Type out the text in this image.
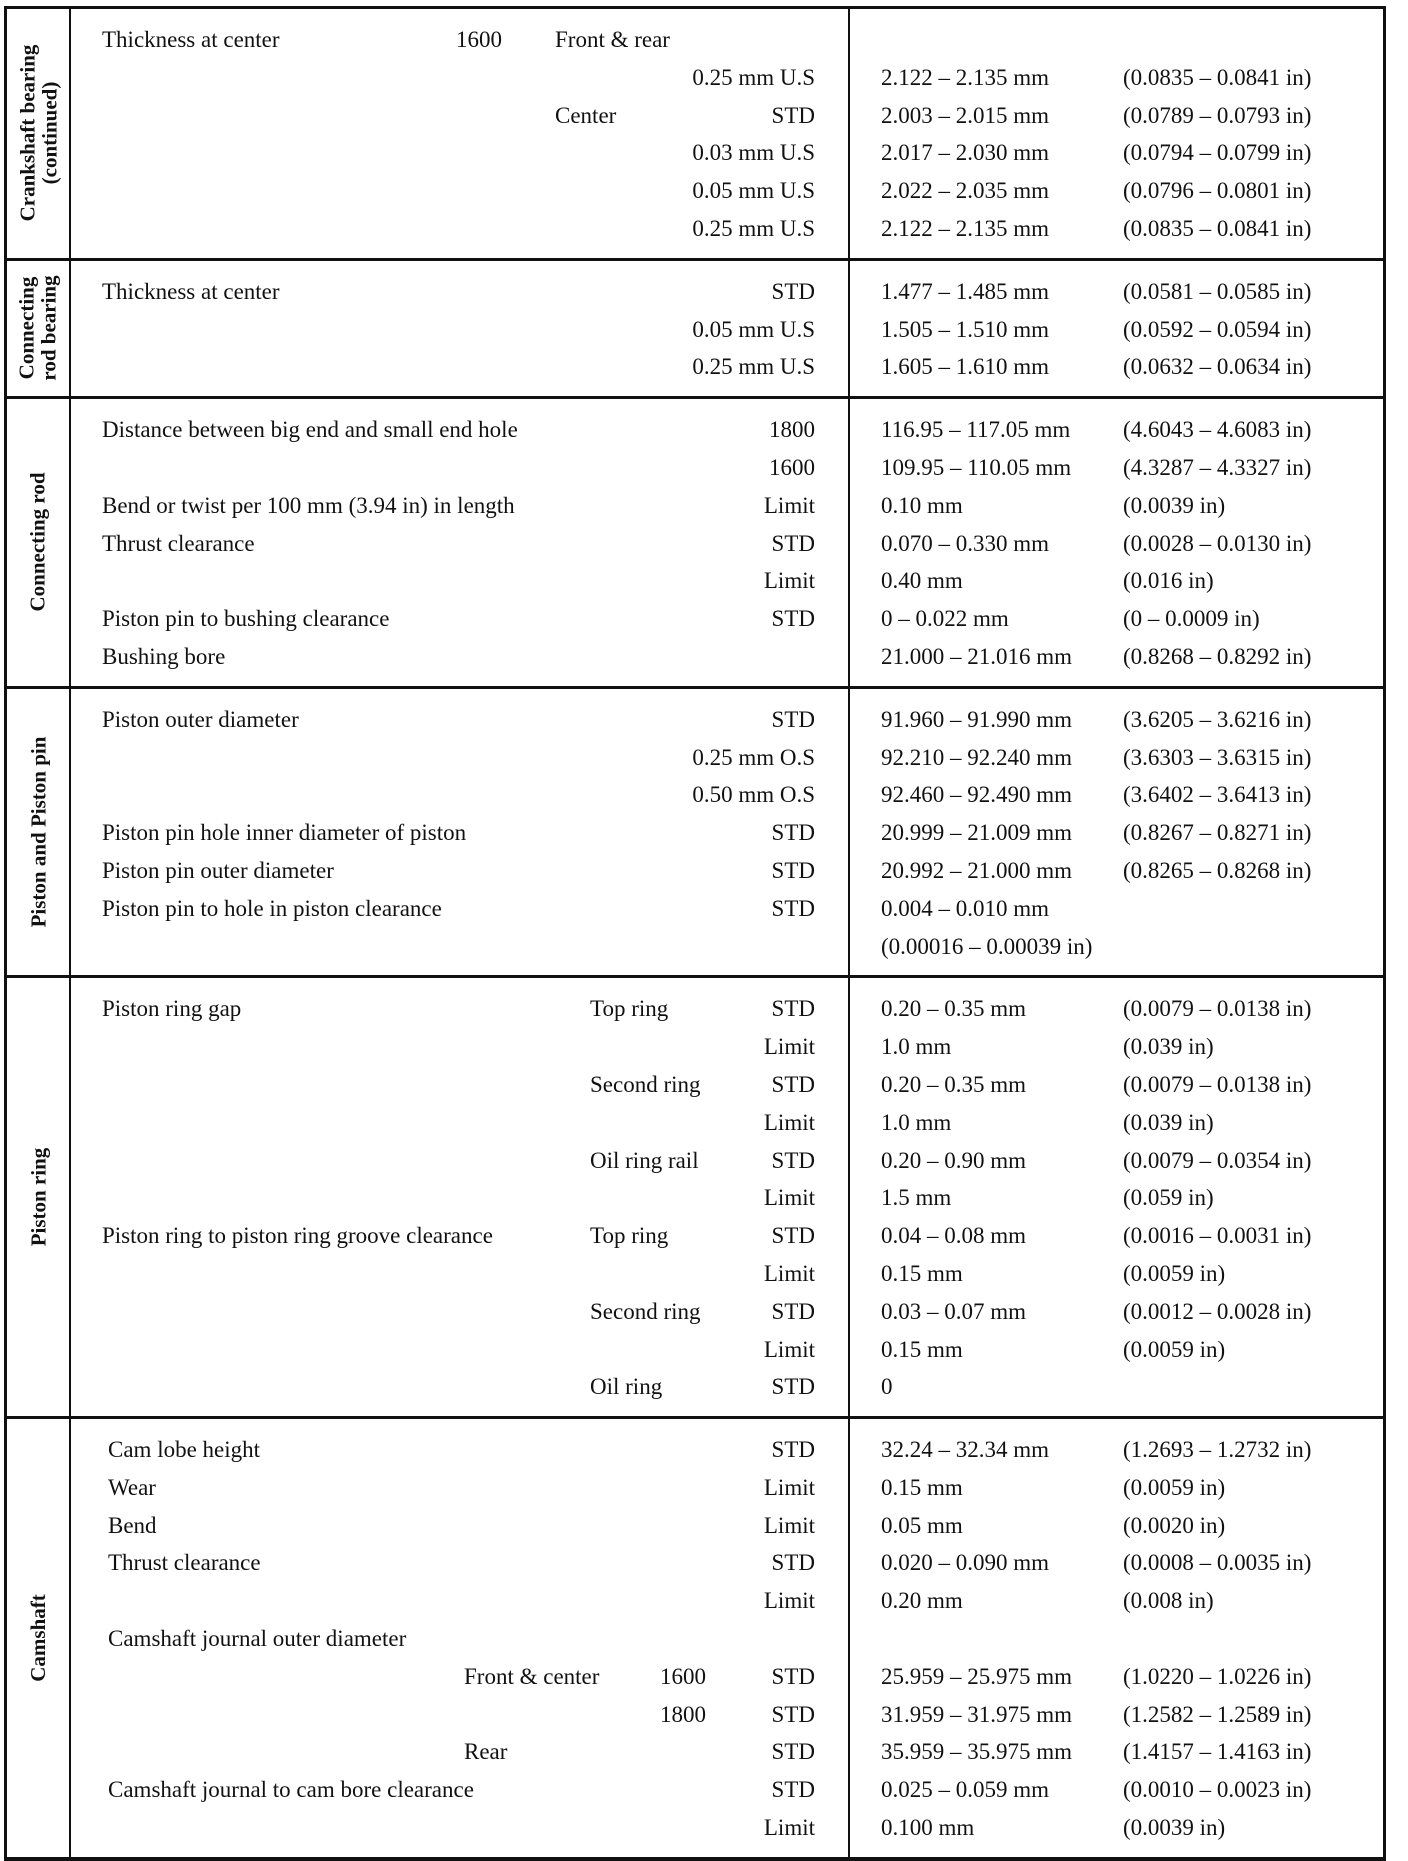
Crankshaft bearing
(continued)
Thickness at center	1600 Front & rear
0.25 mm U.S	2.122 – 2.135 mm	(0.0835 – 0.0841 in)
Center	STD	2.003 – 2.015 mm	(0.0789 – 0.0793 in)
0.03 mm U.S	2.017 – 2.030 mm	(0.0794 – 0.0799 in)
0.05 mm U.S	2.022 – 2.035 mm	(0.0796 – 0.0801 in)
0.25 mm U.S	2.122 – 2.135 mm	(0.0835 – 0.0841 in)
Connecting
rod bearing Thickness at center	STD	1.477 – 1.485 mm	(0.0581 – 0.0585 in)
0.05 mm U.S	1.505 – 1.510 mm	(0.0592 – 0.0594 in)
0.25 mm U.S	1.605 – 1.610 mm	(0.0632 – 0.0634 in)
Connecting rod
Distance between big end and small end hole	1800	116.95 – 117.05 mm (4.6043 – 4.6083 in)
1600	109.95 – 110.05 mm (4.3287 – 4.3327 in)
Bend or twist per 100 mm (3.94 in) in length	Limit	0.10 mm	(0.0039 in)
Thrust clearance	STD	0.070 – 0.330 mm	(0.0028 – 0.0130 in)
Limit	0.40 mm	(0.016 in)
Piston pin to bushing clearance	STD	0 – 0.022 mm	(0 – 0.0009 in)
Bushing bore	21.000 – 21.016 mm (0.8268 – 0.8292 in)
Piston and Piston pin
Piston outer diameter	STD	91.960 – 91.990 mm (3.6205 – 3.6216 in)
0.25 mm O.S	92.210 – 92.240 mm (3.6303 – 3.6315 in)
0.50 mm O.S	92.460 – 92.490 mm (3.6402 – 3.6413 in)
Piston pin hole inner diameter of piston	STD	20.999 – 21.009 mm (0.8267 – 0.8271 in)
Piston pin outer diameter	STD	20.992 – 21.000 mm (0.8265 – 0.8268 in)
Piston pin to hole in piston clearance	STD	0.004 – 0.010 mm
(0.00016 – 0.00039 in)
Piston ring
Piston ring gap	Top ring	STD	0.20 – 0.35 mm	(0.0079 – 0.0138 in)
Limit	1.0 mm	(0.039 in)
Second ring	STD	0.20 – 0.35 mm	(0.0079 – 0.0138 in)
Limit	1.0 mm	(0.039 in)
Oil ring rail	STD	0.20 – 0.90 mm	(0.0079 – 0.0354 in)
Limit	1.5 mm	(0.059 in)
Piston ring to piston ring groove clearance	Top ring	STD	0.04 – 0.08 mm	(0.0016 – 0.0031 in)
Limit	0.15 mm	(0.0059 in)
Second ring	STD	0.03 – 0.07 mm	(0.0012 – 0.0028 in)
Limit	0.15 mm	(0.0059 in)
Oil ring	STD	0
Camshaft
Cam lobe height	STD	32.24 – 32.34 mm	(1.2693 – 1.2732 in)
Wear	Limit	0.15 mm	(0.0059 in)
Bend	Limit	0.05 mm	(0.0020 in)
Thrust clearance	STD	0.020 – 0.090 mm	(0.0008 – 0.0035 in)
Limit	0.20 mm	(0.008 in)
Camshaft journal outer diameter
Front & center	1600	STD	25.959 – 25.975 mm (1.0220 – 1.0226 in)
1800	STD	31.959 – 31.975 mm (1.2582 – 1.2589 in)
Rear	STD	35.959 – 35.975 mm (1.4157 – 1.4163 in)
Camshaft journal to cam bore clearance	STD	0.025 – 0.059 mm	(0.0010 – 0.0023 in)
Limit	0.100 mm	(0.0039 in)
